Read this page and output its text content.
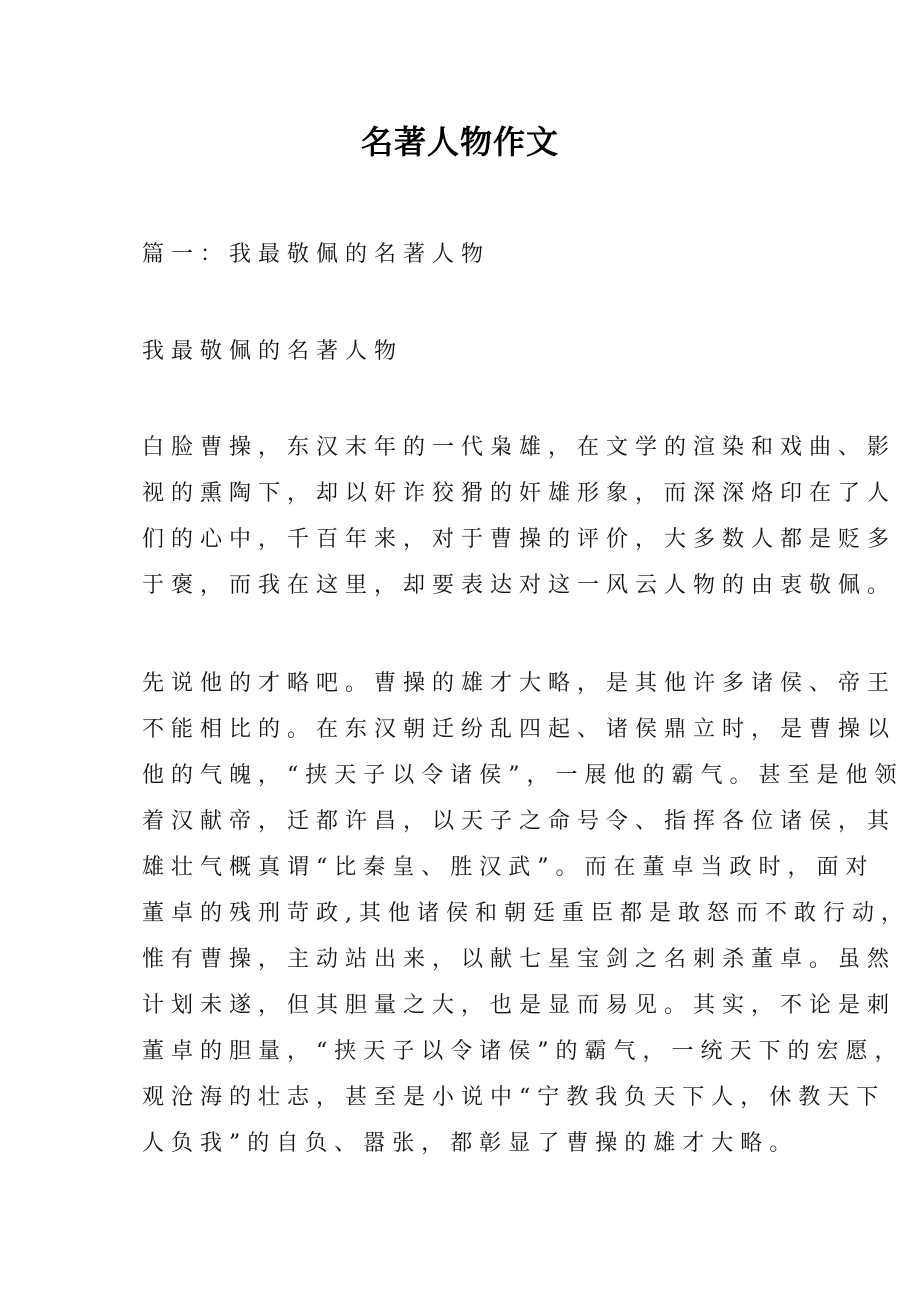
名著人物作文
篇一：我最敬佩的名著人物
我最敬佩的名著人物
白脸曹操，东汉末年的一代枭雄，在文学的渲染和戏曲、影
视的熏陶下，却以奸诈狡猾的奸雄形象，而深深烙印在了人
们的心中，千百年来，对于曹操的评价，大多数人都是贬多
于褒，而我在这里，却要表达对这一风云人物的由衷敬佩。
先说他的才略吧。曹操的雄才大略，是其他许多诸侯、帝王
不能相比的。在东汉朝迁纷乱四起、诸侯鼎立时，是曹操以
他的气魄，“挟天子以令诸侯”，一展他的霸气。甚至是他领
着汉献帝，迁都许昌，以天子之命号令、指挥各位诸侯，其
雄壮气概真谓“比秦皇、胜汉武”。而在董卓当政时，面对
董卓的残刑苛政,其他诸侯和朝廷重臣都是敢怒而不敢行动，
惟有曹操，主动站出来，以献七星宝剑之名刺杀董卓。虽然
计划未遂，但其胆量之大，也是显而易见。其实，不论是刺
董卓的胆量，“挟天子以令诸侯”的霸气，一统天下的宏愿，
观沧海的壮志，甚至是小说中“宁教我负天下人，休教天下
人负我”的自负、嚣张，都彰显了曹操的雄才大略。
